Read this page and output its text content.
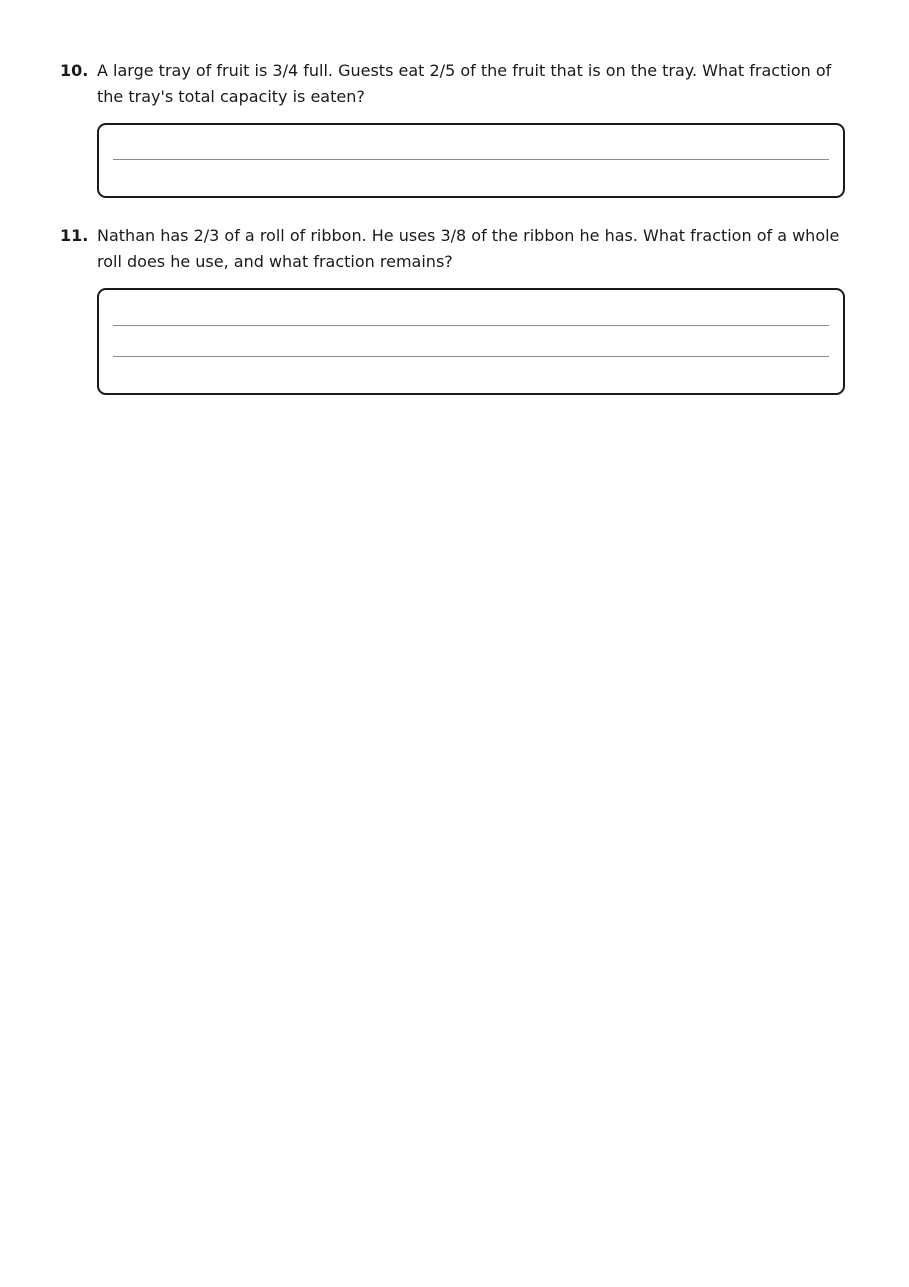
10. A large tray of fruit is 3/4 full. Guests eat 2/5 of the fruit that is on the tray. What fraction of the tray's total capacity is eaten?
11. Nathan has 2/3 of a roll of ribbon. He uses 3/8 of the ribbon he has. What fraction of a whole roll does he use, and what fraction remains?
